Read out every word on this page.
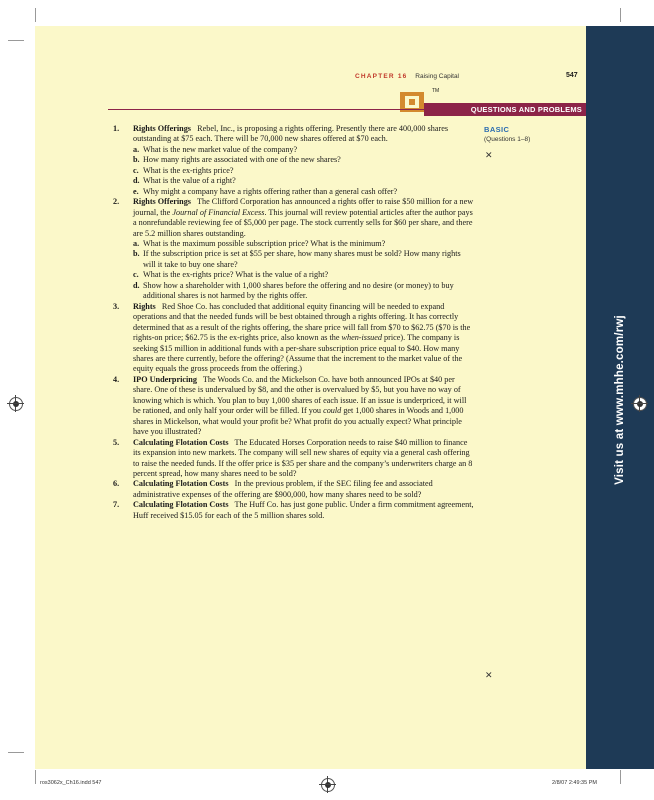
Visit us at www.mhhe.com/rwj
CHAPTER 16 Raising Capital	547
TM
QUESTIONS AND PROBLEMS
BASIC
(Questions 1–8)
✕
✕
1. Rights Offerings  Rebel, Inc., is proposing a rights offering. Presently there are 400,000 shares outstanding at $75 each. There will be 70,000 new shares offered at $70 each.
a. What is the new market value of the company?
b. How many rights are associated with one of the new shares?
c. What is the ex-rights price?
d. What is the value of a right?
e. Why might a company have a rights offering rather than a general cash offer?
2. Rights Offerings  The Clifford Corporation has announced a rights offer to raise $50 million for a new journal, the Journal of Financial Excess. This journal will review potential articles after the author pays a nonrefundable reviewing fee of $5,000 per page. The stock currently sells for $60 per share, and there are 5.2 million shares outstanding.
a. What is the maximum possible subscription price? What is the minimum?
b. If the subscription price is set at $55 per share, how many shares must be sold? How many rights will it take to buy one share?
c. What is the ex-rights price? What is the value of a right?
d. Show how a shareholder with 1,000 shares before the offering and no desire (or money) to buy additional shares is not harmed by the rights offer.
3. Rights  Red Shoe Co. has concluded that additional equity financing will be needed to expand operations and that the needed funds will be best obtained through a rights offering. It has correctly determined that as a result of the rights offering, the share price will fall from $70 to $62.75 ($70 is the rights-on price; $62.75 is the ex-rights price, also known as the when-issued price). The company is seeking $15 million in additional funds with a per-share subscription price equal to $40. How many shares are there currently, before the offering? (Assume that the increment to the market value of the equity equals the gross proceeds from the offering.)
4. IPO Underpricing  The Woods Co. and the Mickelson Co. have both announced IPOs at $40 per share. One of these is undervalued by $8, and the other is overvalued by $5, but you have no way of knowing which is which. You plan to buy 1,000 shares of each issue. If an issue is underpriced, it will be rationed, and only half your order will be filled. If you could get 1,000 shares in Woods and 1,000 shares in Mickelson, what would your profit be? What profit do you actually expect? What principle have you illustrated?
5. Calculating Flotation Costs  The Educated Horses Corporation needs to raise $40 million to finance its expansion into new markets. The company will sell new shares of equity via a general cash offering to raise the needed funds. If the offer price is $35 per share and the company’s underwriters charge an 8 percent spread, how many shares need to be sold?
6. Calculating Flotation Costs  In the previous problem, if the SEC filing fee and associated administrative expenses of the offering are $900,000, how many shares need to be sold?
7. Calculating Flotation Costs  The Huff Co. has just gone public. Under a firm commitment agreement, Huff received $15.05 for each of the 5 million shares sold.
ros3062x_Ch16.indd 547	2/8/07 2:49:35 PM
